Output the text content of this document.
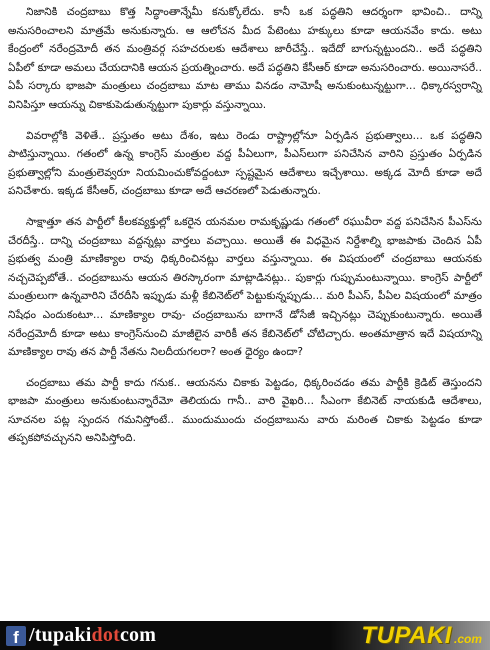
నిజానికి చంద్రబాబు కొత్త సిద్ధాంతాన్నేమీ కనుక్కోలేదు. కానీ ఒక పద్ధతిని ఆదర్శంగా భావించి.. దాన్ని అనుసరించాలని మాత్రమే అనుకున్నారు. ఆ ఆలోచన మీద పేటెంటు హక్కులు కూడా ఆయనవేం కాదు. అటు కేంద్రంలో నరేంద్రమోదీ తన మంత్రివర్గ సహచరులకు ఆదేశాలు జారీచేస్తే.. ఇదేదో బాగున్నట్టుందని.. అదే పద్ధతిని ఏపీలో కూడా అమలు చేయదానికి ఆయన ప్రయత్నించారు. అదే పద్ధతిని కేసీఆర్ కూడా అనుసరించారు. అయినాసరే.. ఏపీ సర్కారు భాజపా మంత్రులు చంద్రబాబు మాట తాము వినడం నామోషీ అనుకుంటున్నట్టుగా... ధిక్కారస్వరాన్ని వినిపిస్తూ ఆయన్ను చికాకుపెడుతున్నట్టుగా పుకార్లు వస్తున్నాయి.

వివరాల్లోకి వెళితే.. ప్రస్తుతం అటు దేశం, ఇటు రెండు రాష్ట్రాల్లోనూ ఏర్పడిన ప్రభుత్వాలు... ఒక పద్ధతిని పాటిస్తున్నాయి. గతంలో ఉన్న కాంగ్రెస్ మంత్రుల వద్ద పీఏలుగా, పీఎస్‌లుగా పనిచేసిన వారిని ప్రస్తుతం ఏర్పడిన ప్రభుత్వాల్లోని మంత్రులెవ్వరూ నియమించుకోవద్దంటూ స్పష్టమైన ఆదేశాలు ఇచ్చేశాయి. అక్కడ మోదీ కూడా అదే పనిచేశారు. ఇక్కడ కేసీఆర్, చంద్రబాబు కూడా అదే ఆచరణలో పెడుతున్నారు.

సాక్షాత్తూ తన పార్టీలో కీలకవ్యక్తుల్లో ఒకరైన యనమల రామకృష్ణుడు గతంలో రఘువీరా వద్ద పనిచేసిన పీఎస్‌ను చేరదీస్తే.. దాన్ని చంద్రబాబు వద్దన్నట్లు వార్తలు వచ్చాయి. అయితే ఈ విధమైన నిర్దేశాల్ని భాజపాకు చెందిన ఏపీ ప్రభుత్వ మంత్రి మాణిక్యాల రావు ధిక్కరించినట్లు వార్తలు వస్తున్నాయి. ఈ విషయంలో చంద్రబాబు ఆయనకు నచ్చచెప్పబోతే.. చంద్రబాబును ఆయన తిరస్కారంగా మాట్లాడినట్లు.. పుకార్లు గుప్పుమంటున్నాయి. కాంగ్రెస్ పార్టీలో మంత్రులుగా ఉన్నవారిని చేరదీసి ఇప్పుడు మళ్లీ కేబినెట్‌లో పెట్టుకున్నప్పుడు... మరి పీఎస్, పీఏల విషయంలో మాత్రం నిషేధం ఎందుకంటూ... మాణిక్యాల రావు- చంద్రబాబును బాగానే డోసేజీ ఇచ్చినట్లు చెప్పుకుంటున్నారు. అయితే నరేంద్రమోదీ కూడా అటు కాంగ్రెస్‌నుంచి మాజీలైన వారికీ తన కేబినెట్‌లో చోటిచ్చారు. అంతమాత్రాన ఇదే విషయాన్ని మాణిక్యాల రావు తన పార్టీ నేతను నిలదీయగలరా? అంత ధైర్యం ఉందా?

చంద్రబాబు తమ పార్టీ కాదు గనుక.. ఆయనను చికాకు పెట్టడం, ధిక్కరించడం తమ పార్టీకి క్రెడిట్ తెస్తుందని భాజపా మంత్రులు అనుకుంటున్నారేమో తెలియదు గానీ.. వారి వైఖరి... సీఎంగా కేబినెట్ నాయకుడి ఆదేశాలు, సూచనల పట్ల స్పందన గమనిస్తోంటే.. ముందుముందు చంద్రబాబును వారు మరింత చికాకు పెట్టడం కూడా తప్పకపోవచ్చునని అనిపిస్తోంది.

f /tupakidotcom	TUPAKI .com
